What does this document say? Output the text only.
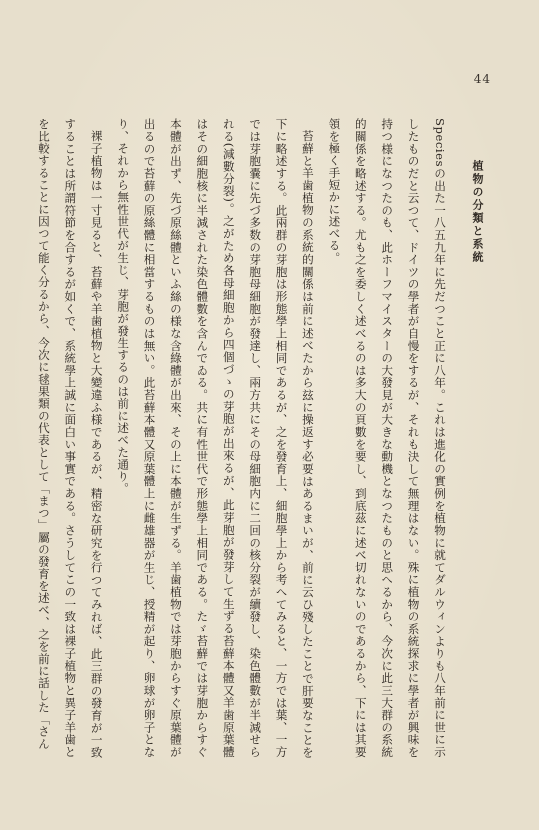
44
植物の分類と系統

Speciesの出た一八五九年に先だつこと正に八年。これは進化の實例を植物に就てダルウィンよりも八年前に世に示したものだと云つて、ドイツの學者が自慢をするが、それも決して無理はない。殊に植物の系統探求に學者が興味を持つ様になつたのも、此ホーフマイスターの大發見が大きな動機となつたものと思へるから、今次に此三大群の系統的關係を略述する。尤も之を委しく述べるのは多大の頁數を要し、到底茲に述べ切れないのであるから、下には其要領を極く手短かに述べる。

苔蘚と羊歯植物の系統的關係は前に述べたから玆に操返す必要はあるまいが、前に云ひ殘したことで肝要なことを下に略述する。此兩群の芽胞は形態學上相同であるが、之を發育上、細胞學上から考へてみると、一方では葉、一方では芽胞嚢に先づ多数の芽胞母細胞が發達し、兩方共にその母細胞内に二回の核分裂が續發し、染色體數が半減せられる(減數分裂)。之がため各母細胞から四個づゝの芽胞が出來るが、此芽胞が發芽して生ずる苔蘚本體又羊歯原葉體はその細胞核に半減された染色體數を含んでゐる。共に有性世代で形態學上相同である。たゞ苔蘚では芽胞からすぐ本體が出ず、先づ原絲體といふ絲の様な含綠體が出來、その上に本體が生ずる。羊歯植物では芽胞からすぐ原葉體が出るので苔蘚の原絲體に相當するものは無い。此苔蘚本體又原葉體上に雌雄器が生じ、授精が起り、卵球が卵子となり、それから無性世代が生じ、芽胞が發生するのは前に述べた通り。

裸子植物は一寸見ると、苔蘚や羊歯植物と大變違ふ様であるが、精密な研究を行つてみれば、此三群の發育が一致することは所謂符節を合するが如くで、系統學上誠に面白い事實である。さうしてこの一致は裸子植物と異子羊歯とを比較することに因つて能く分るから、今次に毬果類の代表として「まつ」屬の發育を述べ、之を前に話した「さん
